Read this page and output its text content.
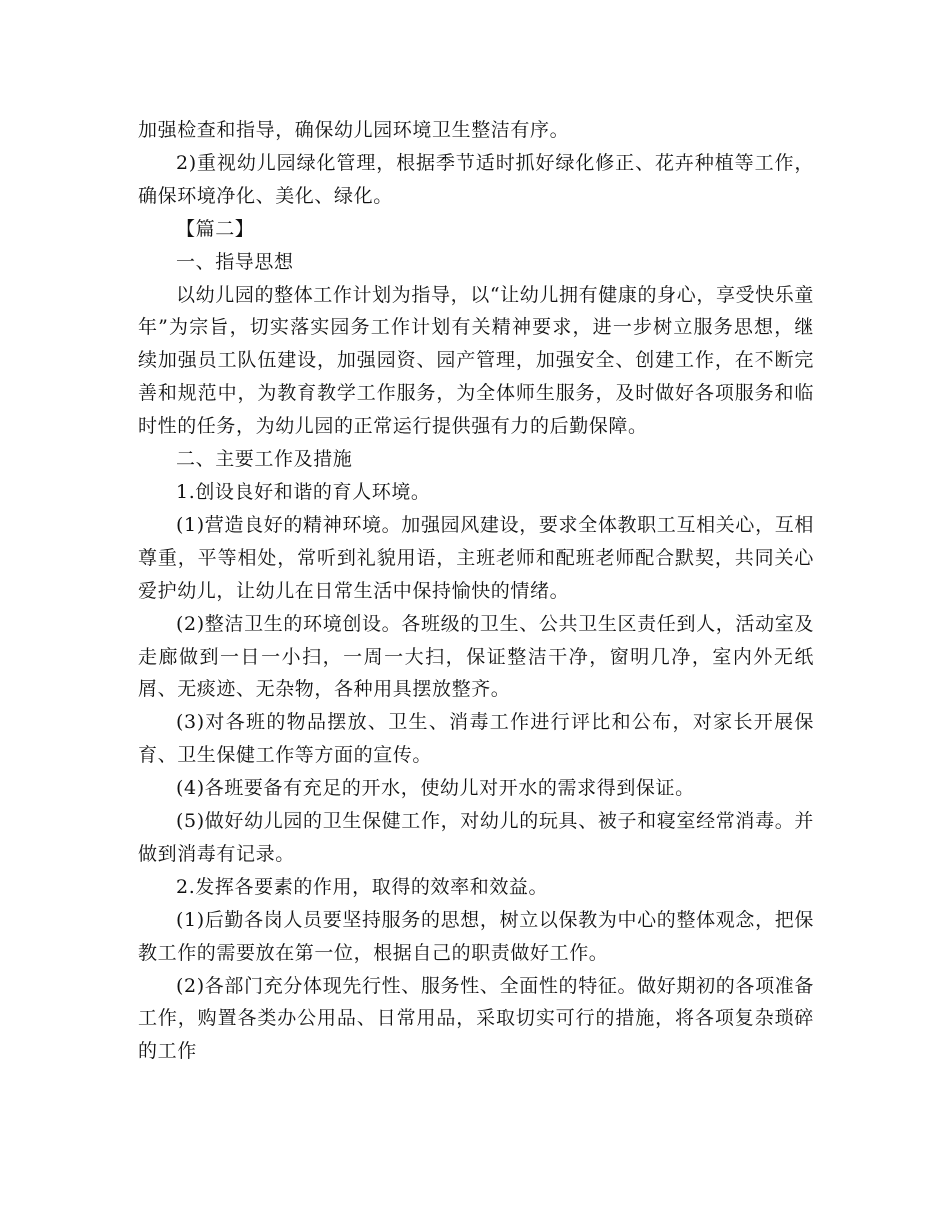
加强检查和指导，确保幼儿园环境卫生整洁有序。

2)重视幼儿园绿化管理，根据季节适时抓好绿化修正、花卉种植等工作，确保环境净化、美化、绿化。

【篇二】

一、指导思想

以幼儿园的整体工作计划为指导，以“让幼儿拥有健康的身心，享受快乐童年”为宗旨，切实落实园务工作计划有关精神要求，进一步树立服务思想，继续加强员工队伍建设，加强园资、园产管理，加强安全、创建工作，在不断完善和规范中，为教育教学工作服务，为全体师生服务，及时做好各项服务和临时性的任务，为幼儿园的正常运行提供强有力的后勤保障。

二、主要工作及措施

1.创设良好和谐的育人环境。

(1)营造良好的精神环境。加强园风建设，要求全体教职工互相关心，互相尊重，平等相处，常听到礼貌用语，主班老师和配班老师配合默契，共同关心爱护幼儿，让幼儿在日常生活中保持愉快的情绪。

(2)整洁卫生的环境创设。各班级的卫生、公共卫生区责任到人，活动室及走廊做到一日一小扫，一周一大扫，保证整洁干净，窗明几净，室内外无纸屑、无痰迹、无杂物，各种用具摆放整齐。

(3)对各班的物品摆放、卫生、消毒工作进行评比和公布，对家长开展保育、卫生保健工作等方面的宣传。

(4)各班要备有充足的开水，使幼儿对开水的需求得到保证。

(5)做好幼儿园的卫生保健工作，对幼儿的玩具、被子和寝室经常消毒。并做到消毒有记录。

2.发挥各要素的作用，取得的效率和效益。

(1)后勤各岗人员要坚持服务的思想，树立以保教为中心的整体观念，把保教工作的需要放在第一位，根据自己的职责做好工作。

(2)各部门充分体现先行性、服务性、全面性的特征。做好期初的各项准备工作，购置各类办公用品、日常用品，采取切实可行的措施，将各项复杂琐碎的工作
